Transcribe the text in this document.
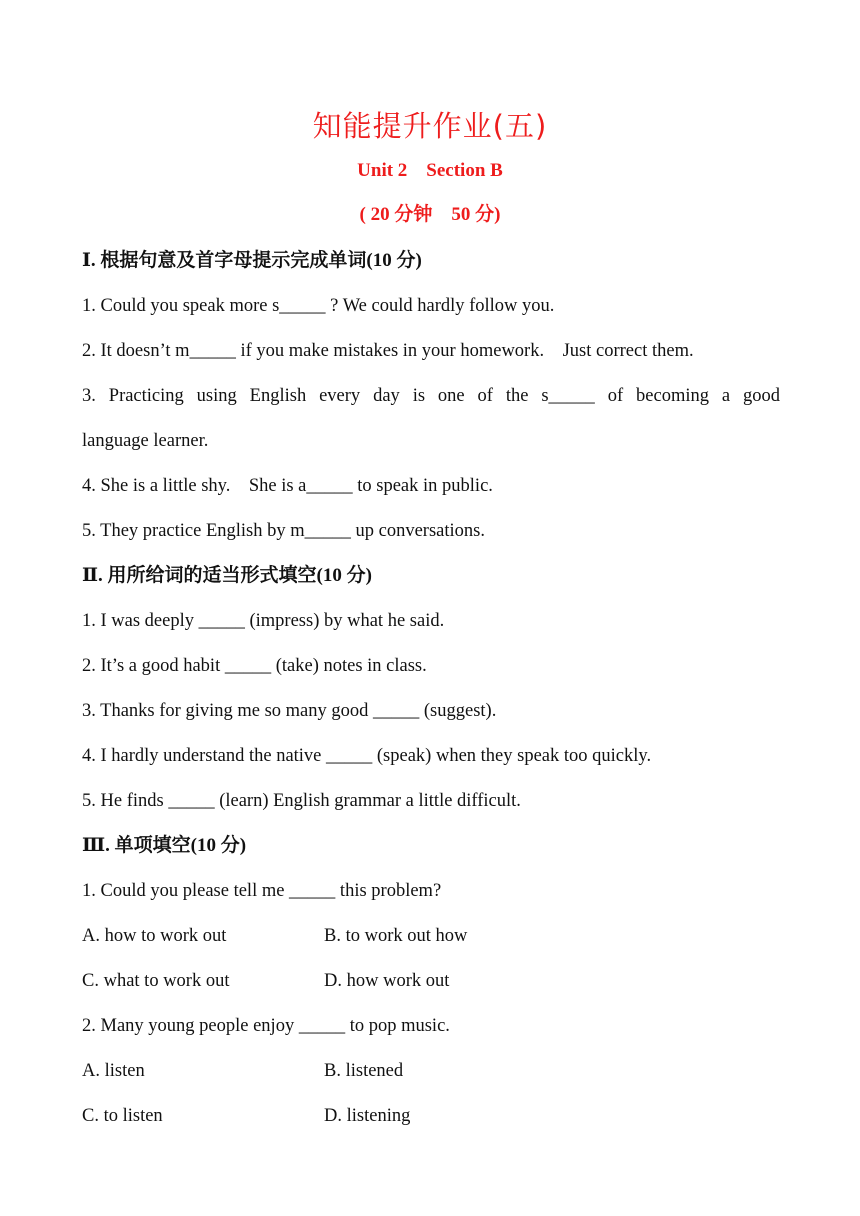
知能提升作业(五)
Unit 2    Section B
( 20 分钟    50 分)
Ⅰ. 根据句意及首字母提示完成单词(10 分)
1. Could you speak more s_____ ? We could hardly follow you.
2. It doesn’t m_____ if you make mistakes in your homework.    Just correct them.
3. Practicing using English every day is one of the s_____ of becoming a good
language learner.
4. She is a little shy.    She is a_____ to speak in public.
5. They practice English by m_____ up conversations.
Ⅱ. 用所给词的适当形式填空(10 分)
1. I was deeply _____ (impress) by what he said.
2. It’s a good habit _____ (take) notes in class.
3. Thanks for giving me so many good _____ (suggest).
4. I hardly understand the native _____ (speak) when they speak too quickly.
5. He finds _____ (learn) English grammar a little difficult.
Ⅲ. 单项填空(10 分)
1. Could you please tell me _____ this problem?
A. how to work out	B. to work out how
C. what to work out	D. how work out
2. Many young people enjoy _____ to pop music.
A. listen	B. listened
C. to listen	D. listening
